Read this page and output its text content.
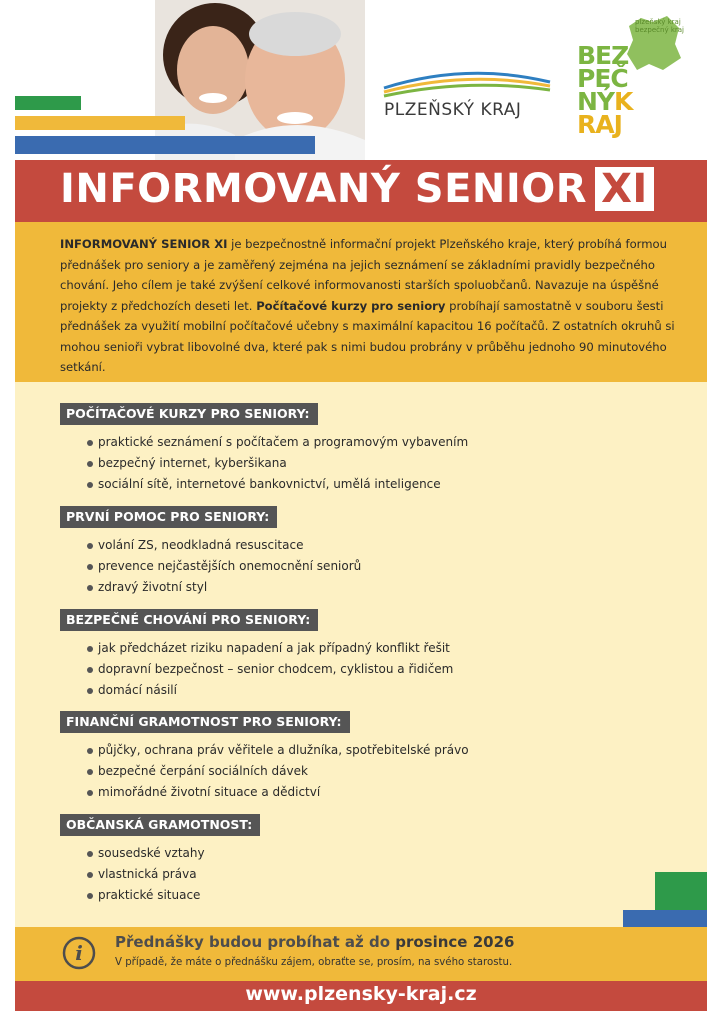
PLZEŇSKÝ KRAJ
plzeňský kraj
bezpečný kraj
BEZ
PEČ
NÝK
RAJ
INFORMOVANÝ SENIOR XI
INFORMOVANÝ SENIOR XI je bezpečnostně informační projekt Plzeňského kraje, který probíhá formou přednášek pro seniory a je zaměřený zejména na jejich seznámení se základními pravidly bezpečného chování. Jeho cílem je také zvýšení celkové informovanosti starších spoluobčanů. Navazuje na úspěšné projekty z předchozích deseti let. Počítačové kurzy pro seniory probíhají samostatně v souboru šesti přednášek za využití mobilní počítačové učebny s maximální kapacitou 16 počítačů. Z ostatních okruhů si mohou senioři vybrat libovolné dva, které pak s nimi budou probrány v průběhu jednoho 90 minutového setkání.
POČÍTAČOVÉ KURZY PRO SENIORY:
praktické seznámení s počítačem a programovým vybavením
bezpečný internet, kyberšikana
sociální sítě, internetové bankovnictví, umělá inteligence
PRVNÍ POMOC PRO SENIORY:
volání ZS, neodkladná resuscitace
prevence nejčastějších onemocnění seniorů
zdravý životní styl
BEZPEČNÉ CHOVÁNÍ PRO SENIORY:
jak předcházet riziku napadení a jak případný konflikt řešit
dopravní bezpečnost – senior chodcem, cyklistou a řidičem
domácí násilí
FINANČNÍ GRAMOTNOST PRO SENIORY:
půjčky, ochrana práv věřitele a dlužníka, spotřebitelské právo
bezpečné čerpání sociálních dávek
mimořádné životní situace a dědictví
OBČANSKÁ GRAMOTNOST:
sousedské vztahy
vlastnická práva
praktické situace
i Přednášky budou probíhat až do prosince 2026
V případě, že máte o přednášku zájem, obraťte se, prosím, na svého starostu.
www.plzensky-kraj.cz
